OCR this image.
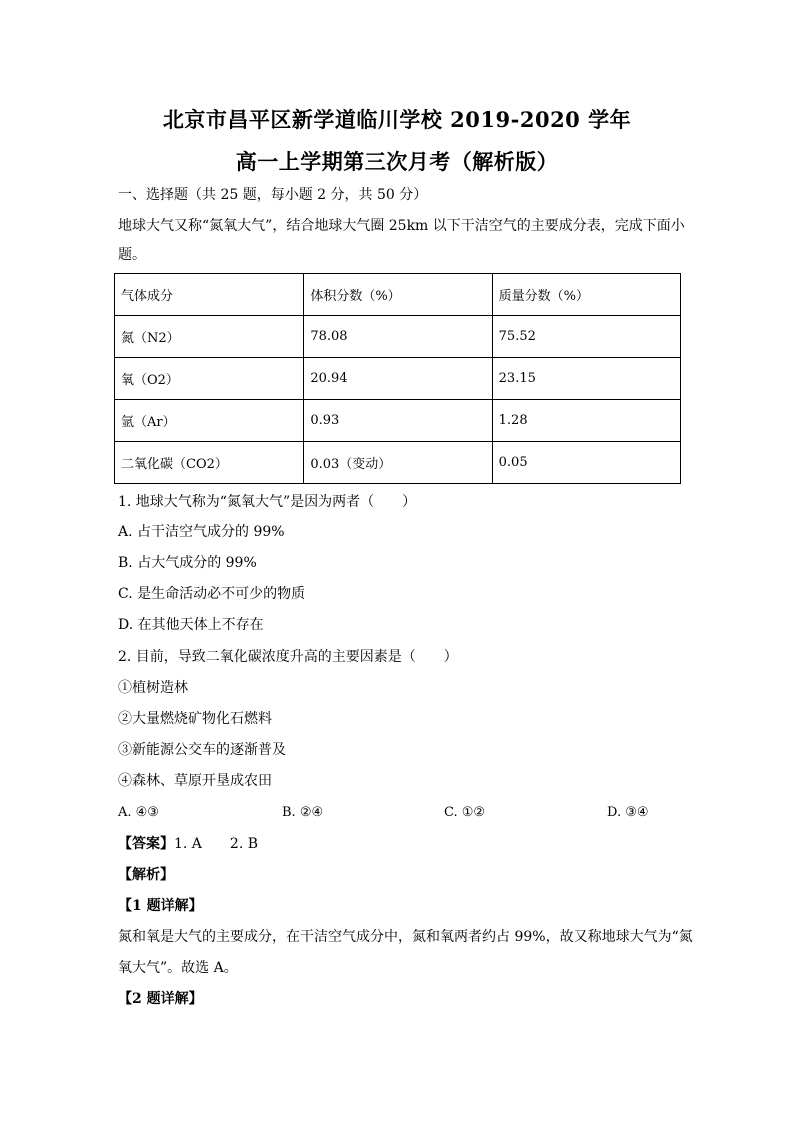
北京市昌平区新学道临川学校 2019-2020 学年
高一上学期第三次月考（解析版）
一、选择题（共 25 题，每小题 2 分，共 50 分）
地球大气又称“氮氧大气”，结合地球大气圈 25km 以下干洁空气的主要成分表，完成下面小
题。
气体成分	体积分数（%）	质量分数（%）
氮（N2）	78.08	75.52
氧（O2）	20.94	23.15
氩（Ar）	0.93	1.28
二氧化碳（CO2）	0.03（变动）	0.05
1. 地球大气称为“氮氧大气”是因为两者（　　）
A. 占干洁空气成分的 99%
B. 占大气成分的 99%
C. 是生命活动必不可少的物质
D. 在其他天体上不存在
2. 目前，导致二氧化碳浓度升高的主要因素是（　　）
①植树造林
②大量燃烧矿物化石燃料
③新能源公交车的逐渐普及
④森林、草原开垦成农田
A. ④③	B. ②④	C. ①②	D. ③④
【答案】1. A　　2. B
【解析】
【1 题详解】
氮和氧是大气的主要成分，在干洁空气成分中，氮和氧两者约占 99%，故又称地球大气为“氮
氧大气”。故选 A。
【2 题详解】
